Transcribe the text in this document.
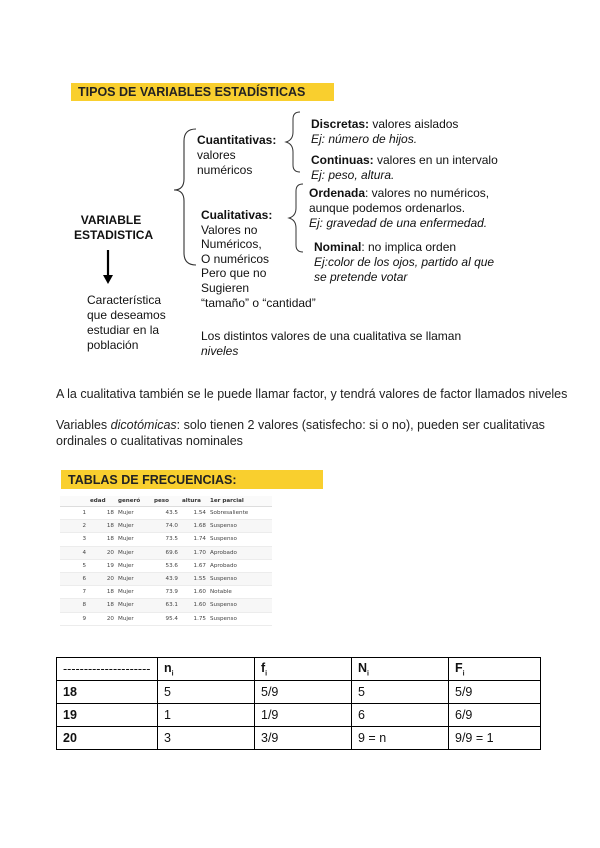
TIPOS DE VARIABLES ESTADÍSTICAS
VARIABLE
ESTADISTICA
Característica
que deseamos
estudiar en la
población
Cuantitativas:
valores
numéricos
Discretas: valores aislados
Ej: número de hijos.
Continuas: valores en un intervalo
Ej: peso, altura.
Cualitativas:
Valores no
Numéricos,
O numéricos
Pero que no
Sugieren
“tamaño” o “cantidad”
Ordenada: valores no numéricos,
aunque podemos ordenarlos.
Ej: gravedad de una enfermedad.
Nominal: no implica orden
Ej:color de los ojos, partido al que
se pretende votar
Los distintos valores de una cualitativa se llaman
niveles
A la cualitativa también se le puede llamar factor, y tendrá valores de factor llamados niveles
Variables dicotómicas: solo tienen 2 valores (satisfecho: si o no), pueden ser cualitativas ordinales o cualitativas nominales
TABLAS DE FRECUENCIAS:
	edad	generó	peso	altura	1er parcial
1	18	Mujer	43.5	1.54	Sobresaliente
2	18	Mujer	74.0	1.68	Suspenso
3	18	Mujer	73.5	1.74	Suspenso
4	20	Mujer	69.6	1.70	Aprobado
5	19	Mujer	53.6	1.67	Aprobado
6	20	Mujer	43.9	1.55	Suspenso
7	18	Mujer	73.9	1.60	Notable
8	18	Mujer	63.1	1.60	Suspenso
9	20	Mujer	95.4	1.75	Suspenso
---------------------	$n_i$	$f_i$	$N_i$	$F_i$
18	5	5/9	5	5/9
19	1	1/9	6	6/9
20	3	3/9	9 = n	9/9 = 1
